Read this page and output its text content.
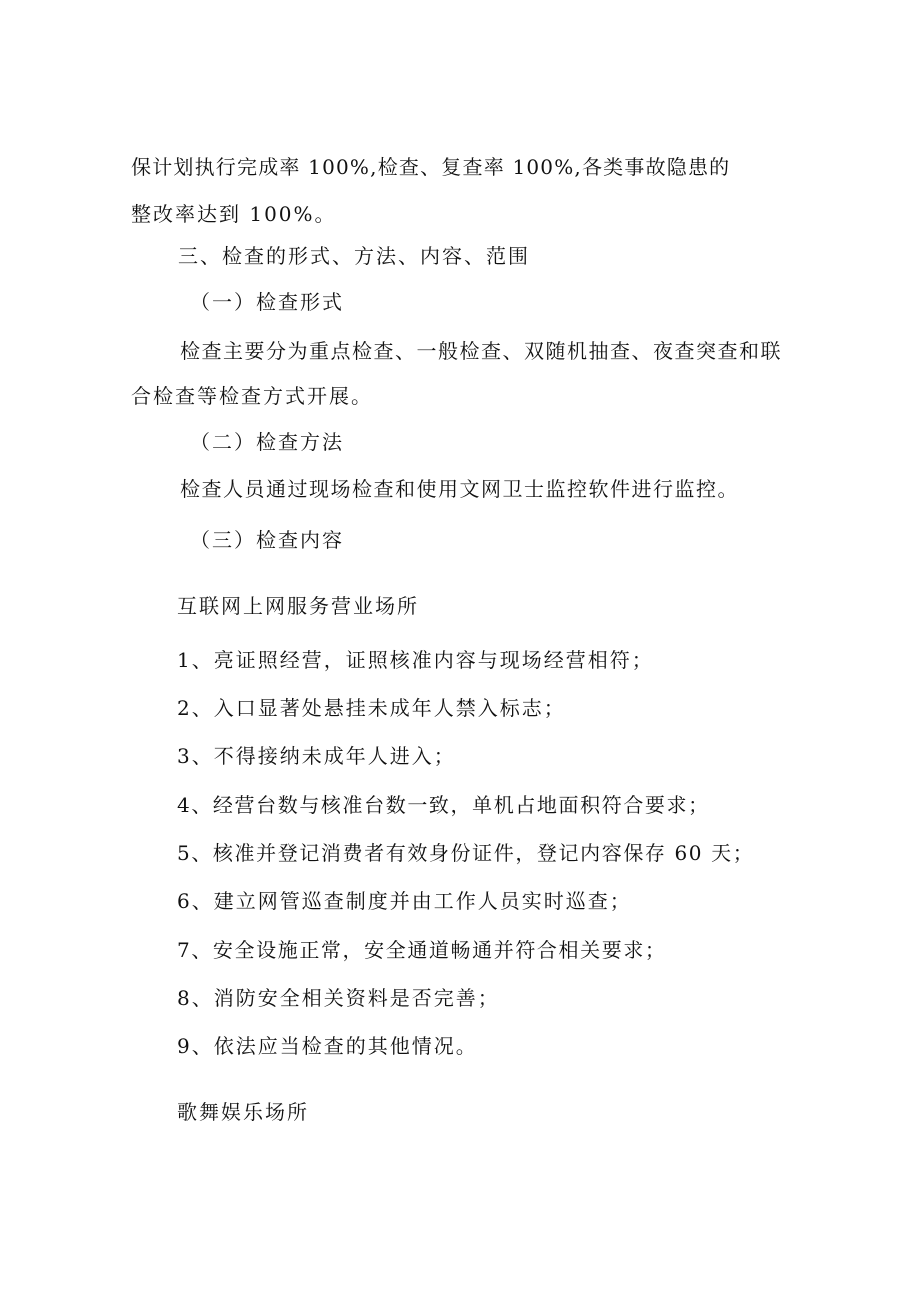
保计划执行完成率 100%,检查、复查率 100%,各类事故隐患的
整改率达到 100%。
三、检查的形式、方法、内容、范围
（一）检查形式
检查主要分为重点检查、一般检查、双随机抽查、夜查突查和联
合检查等检查方式开展。
（二）检查方法
检查人员通过现场检查和使用文网卫士监控软件进行监控。
（三）检查内容
互联网上网服务营业场所
1、亮证照经营，证照核准内容与现场经营相符；
2、入口显著处悬挂未成年人禁入标志；
3、不得接纳未成年人进入；
4、经营台数与核准台数一致，单机占地面积符合要求；
5、核准并登记消费者有效身份证件，登记内容保存 60 天；
6、建立网管巡查制度并由工作人员实时巡查；
7、安全设施正常，安全通道畅通并符合相关要求；
8、消防安全相关资料是否完善；
9、依法应当检查的其他情况。
歌舞娱乐场所
